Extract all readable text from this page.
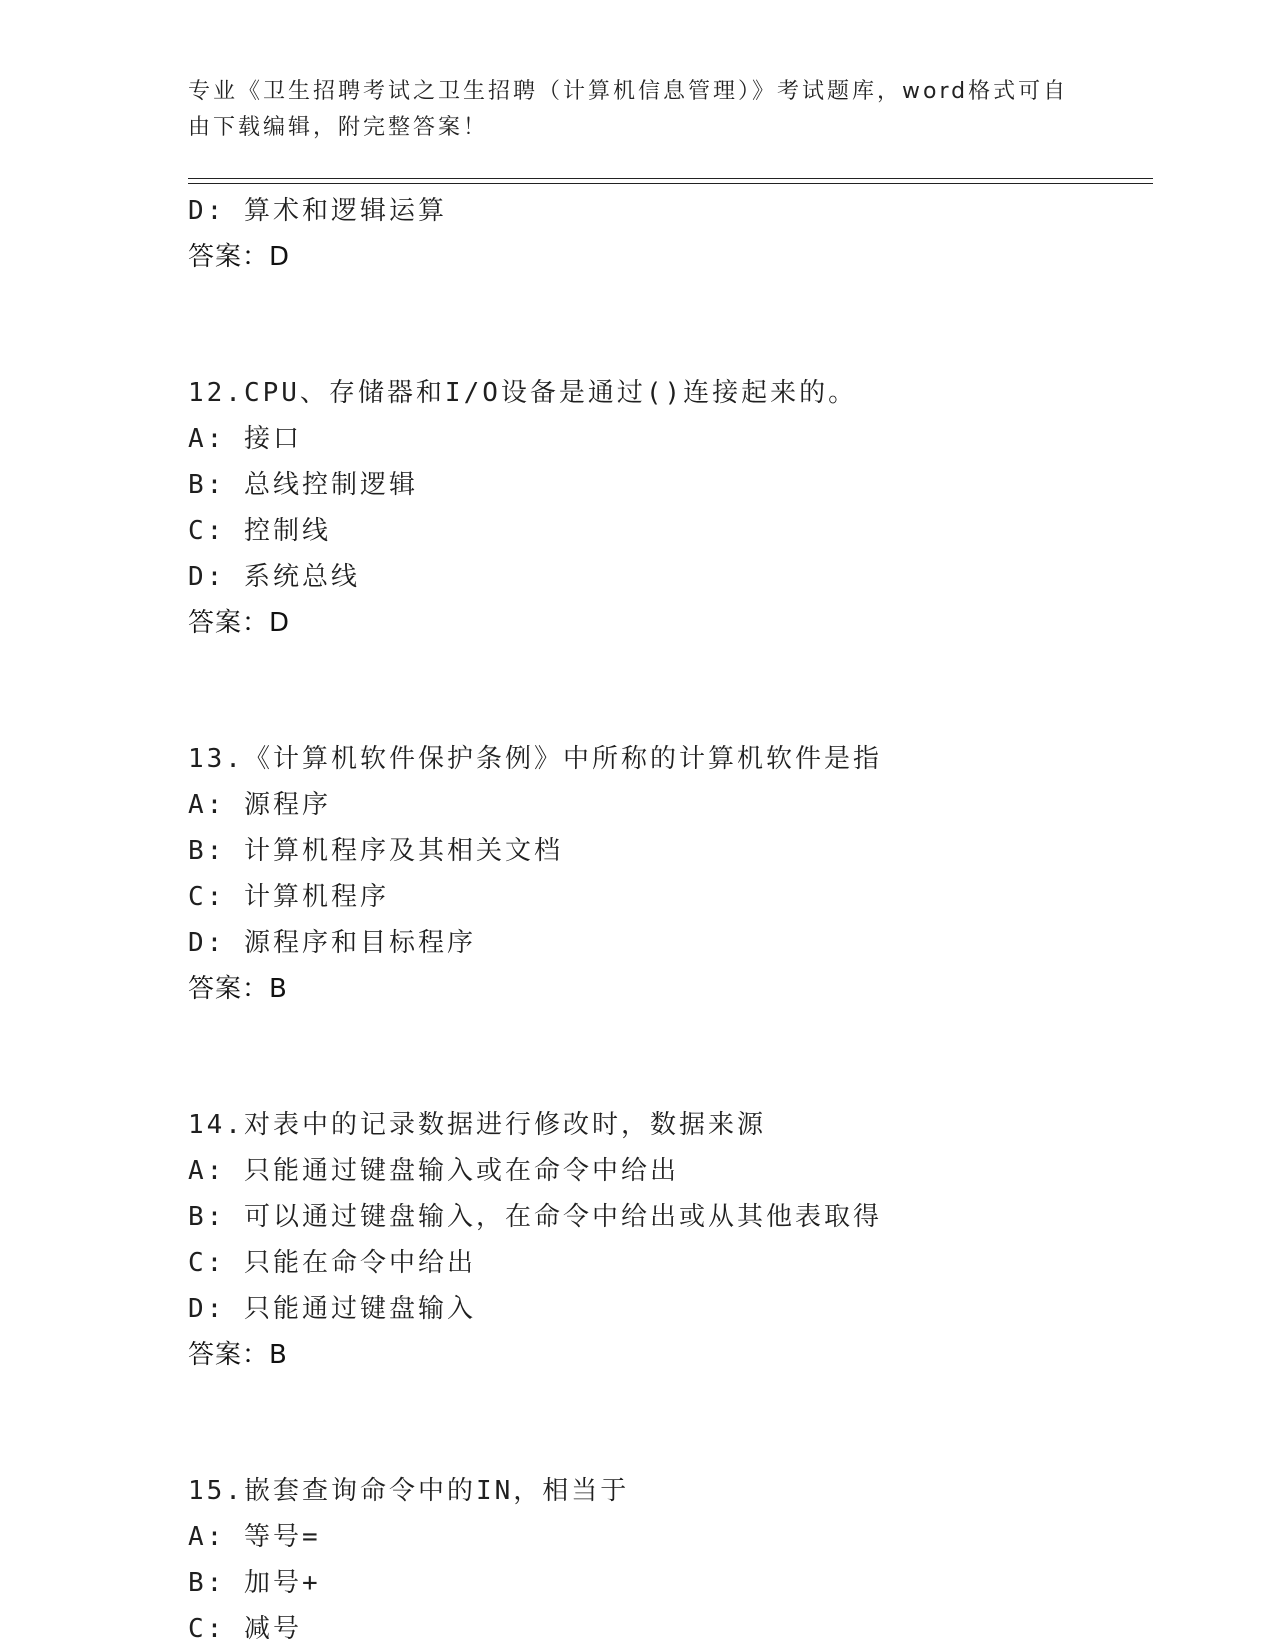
专业《卫生招聘考试之卫生招聘（计算机信息管理）》考试题库，word格式可自由下载编辑，附完整答案！
D: 算术和逻辑运算
答案：D
12.CPU、存储器和I/O设备是通过()连接起来的。
A: 接口
B: 总线控制逻辑
C: 控制线
D: 系统总线
答案：D
13.《计算机软件保护条例》中所称的计算机软件是指
A: 源程序
B: 计算机程序及其相关文档
C: 计算机程序
D: 源程序和目标程序
答案：B
14.对表中的记录数据进行修改时，数据来源
A: 只能通过键盘输入或在命令中给出
B: 可以通过键盘输入，在命令中给出或从其他表取得
C: 只能在命令中给出
D: 只能通过键盘输入
答案：B
15.嵌套查询命令中的IN，相当于
A: 等号=
B: 加号+
C: 减号
